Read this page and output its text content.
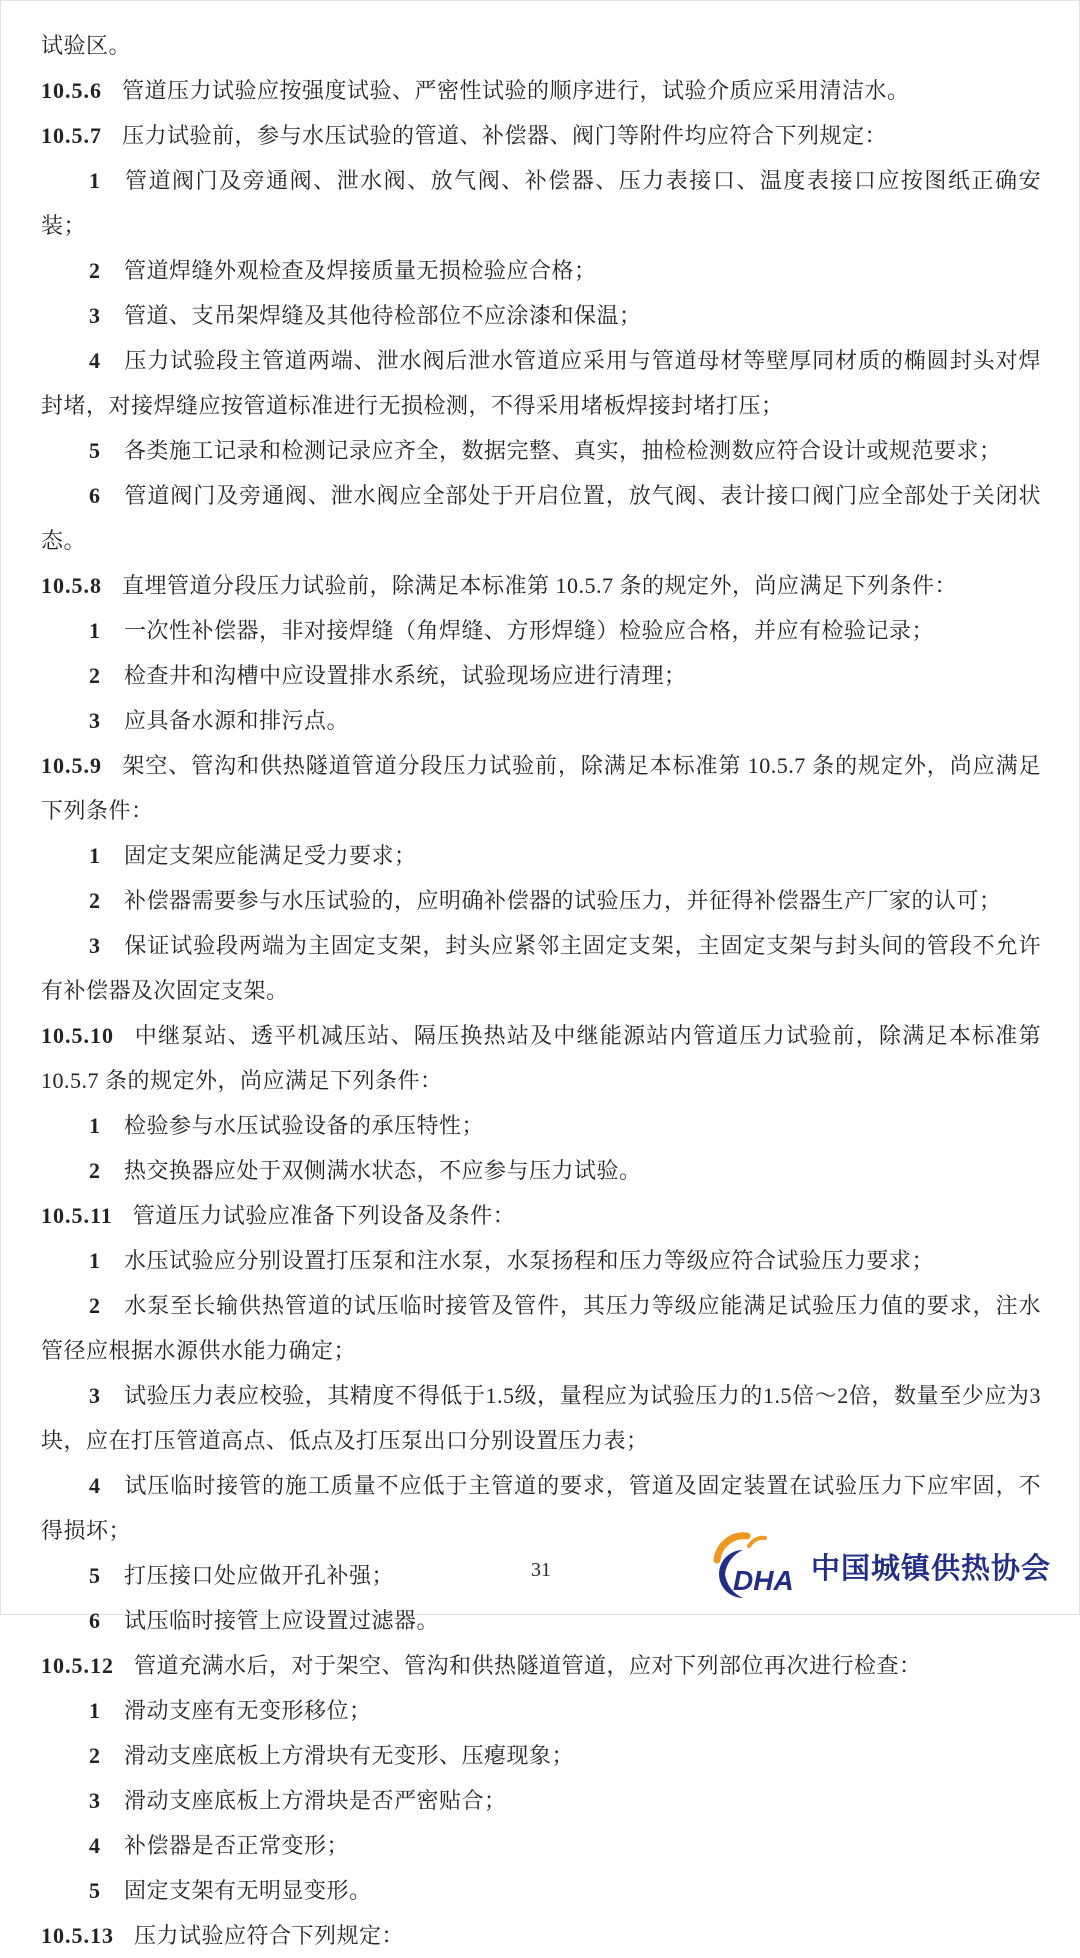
试验区。

10.5.6 管道压力试验应按强度试验、严密性试验的顺序进行，试验介质应采用清洁水。

10.5.7 压力试验前，参与水压试验的管道、补偿器、阀门等附件均应符合下列规定：

1 管道阀门及旁通阀、泄水阀、放气阀、补偿器、压力表接口、温度表接口应按图纸正确安装；

2 管道焊缝外观检查及焊接质量无损检验应合格；

3 管道、支吊架焊缝及其他待检部位不应涂漆和保温；

4 压力试验段主管道两端、泄水阀后泄水管道应采用与管道母材等壁厚同材质的椭圆封头对焊封堵，对接焊缝应按管道标准进行无损检测，不得采用堵板焊接封堵打压；

5 各类施工记录和检测记录应齐全，数据完整、真实，抽检检测数应符合设计或规范要求；

6 管道阀门及旁通阀、泄水阀应全部处于开启位置，放气阀、表计接口阀门应全部处于关闭状态。

10.5.8 直埋管道分段压力试验前，除满足本标准第 10.5.7 条的规定外，尚应满足下列条件：

1 一次性补偿器，非对接焊缝（角焊缝、方形焊缝）检验应合格，并应有检验记录；

2 检查井和沟槽中应设置排水系统，试验现场应进行清理；

3 应具备水源和排污点。

10.5.9 架空、管沟和供热隧道管道分段压力试验前，除满足本标准第 10.5.7 条的规定外，尚应满足下列条件：

1 固定支架应能满足受力要求；

2 补偿器需要参与水压试验的，应明确补偿器的试验压力，并征得补偿器生产厂家的认可；

3 保证试验段两端为主固定支架，封头应紧邻主固定支架，主固定支架与封头间的管段不允许有补偿器及次固定支架。

10.5.10 中继泵站、透平机减压站、隔压换热站及中继能源站内管道压力试验前，除满足本标准第 10.5.7 条的规定外，尚应满足下列条件：

1 检验参与水压试验设备的承压特性；

2 热交换器应处于双侧满水状态，不应参与压力试验。

10.5.11 管道压力试验应准备下列设备及条件：

1 水压试验应分别设置打压泵和注水泵，水泵扬程和压力等级应符合试验压力要求；

2 水泵至长输供热管道的试压临时接管及管件，其压力等级应能满足试验压力值的要求，注水管径应根据水源供水能力确定；

3 试验压力表应校验，其精度不得低于1.5级，量程应为试验压力的1.5倍～2倍，数量至少应为3块，应在打压管道高点、低点及打压泵出口分别设置压力表；

4 试压临时接管的施工质量不应低于主管道的要求，管道及固定装置在试验压力下应牢固，不得损坏；

5 打压接口处应做开孔补强；

6 试压临时接管上应设置过滤器。

10.5.12 管道充满水后，对于架空、管沟和供热隧道管道，应对下列部位再次进行检查：

1 滑动支座有无变形移位；

2 滑动支座底板上方滑块有无变形、压瘪现象；

3 滑动支座底板上方滑块是否严密贴合；

4 补偿器是否正常变形；

5 固定支架有无明显变形。

10.5.13 压力试验应符合下列规定：

31	DHA 中国城镇供热协会
